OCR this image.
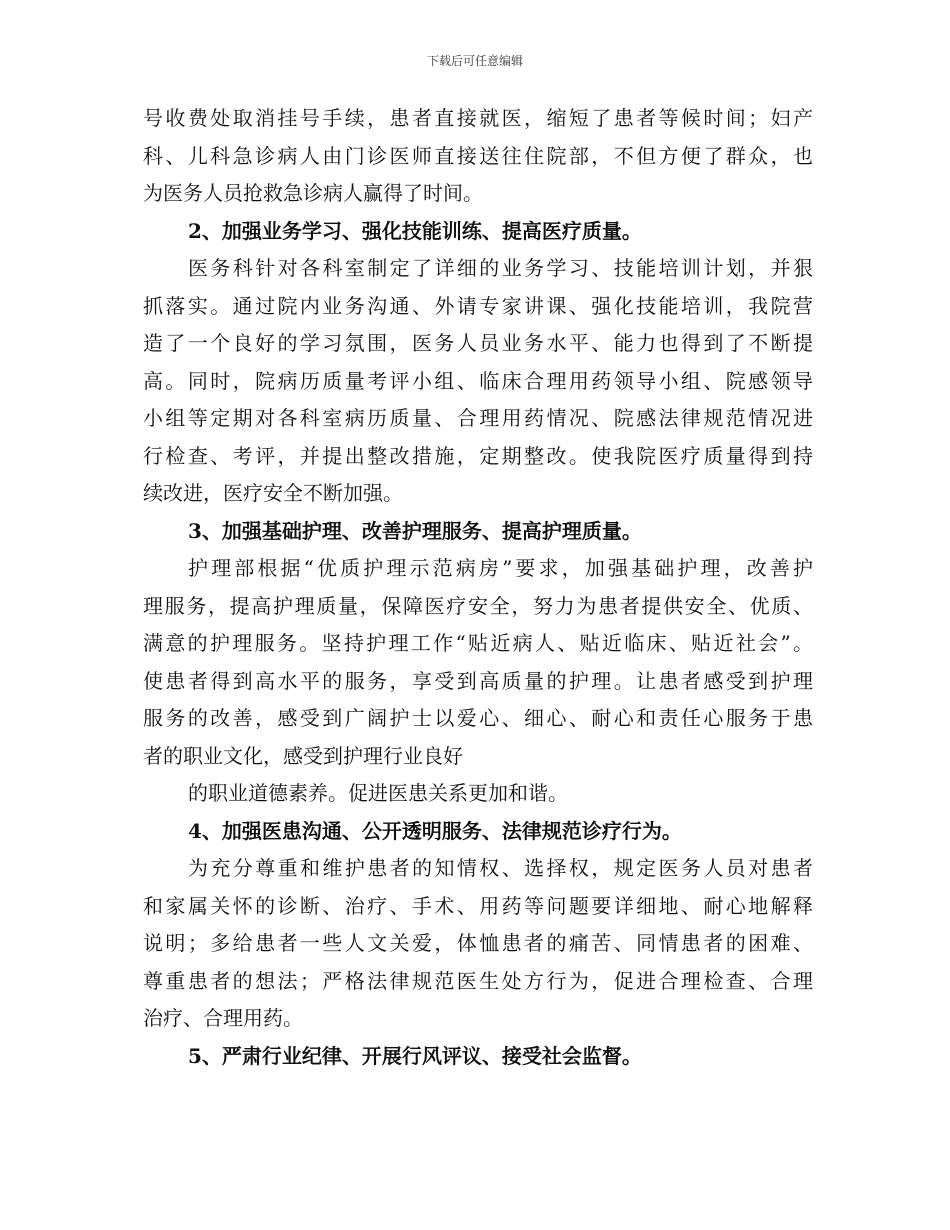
下载后可任意编辑
号收费处取消挂号手续，患者直接就医，缩短了患者等候时间；妇产
科、儿科急诊病人由门诊医师直接送往住院部，不但方便了群众，也
为医务人员抢救急诊病人赢得了时间。
2、加强业务学习、强化技能训练、提高医疗质量。
医务科针对各科室制定了详细的业务学习、技能培训计划，并狠
抓落实。通过院内业务沟通、外请专家讲课、强化技能培训，我院营
造了一个良好的学习氛围，医务人员业务水平、能力也得到了不断提
高。同时，院病历质量考评小组、临床合理用药领导小组、院感领导
小组等定期对各科室病历质量、合理用药情况、院感法律规范情况进
行检查、考评，并提出整改措施，定期整改。使我院医疗质量得到持
续改进，医疗安全不断加强。
3、加强基础护理、改善护理服务、提高护理质量。
护理部根据“优质护理示范病房”要求，加强基础护理，改善护
理服务，提高护理质量，保障医疗安全，努力为患者提供安全、优质、
满意的护理服务。坚持护理工作“贴近病人、贴近临床、贴近社会”。
使患者得到高水平的服务，享受到高质量的护理。让患者感受到护理
服务的改善，感受到广阔护士以爱心、细心、耐心和责任心服务于患
者的职业文化，感受到护理行业良好
的职业道德素养。促进医患关系更加和谐。
4、加强医患沟通、公开透明服务、法律规范诊疗行为。
为充分尊重和维护患者的知情权、选择权，规定医务人员对患者
和家属关怀的诊断、治疗、手术、用药等问题要详细地、耐心地解释
说明；多给患者一些人文关爱，体恤患者的痛苦、同情患者的困难、
尊重患者的想法；严格法律规范医生处方行为，促进合理检查、合理
治疗、合理用药。
5、严肃行业纪律、开展行风评议、接受社会监督。
